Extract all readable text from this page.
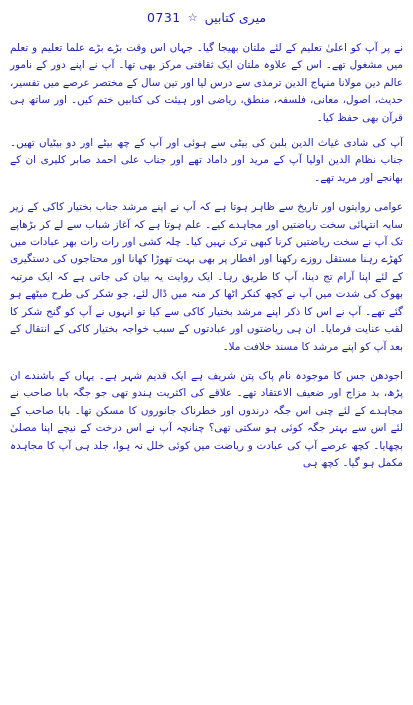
0731 ☆ میری کتابیں

نے پر آپ کو اعلیٰ تعلیم کے لئے ملتان بھیجا گیا۔ جہاں اس وقت بڑے بڑے علما تعلیم و تعلم میں مشغول تھے۔ اس کے علاوہ ملتان ایک ثقافتی مرکز بھی تھا۔ آپ نے اپنے دور کے نامور عالم دین مولانا منہاج الدین ترمذی سے درس لیا اور تین سال کے مختصر عرصے میں تفسیر، حدیث، اصول، معانی، فلسفہ، منطق، ریاضی اور ہیئت کی کتابیں ختم کیں۔ اور ساتھ ہی قرآن بھی حفظ کیا۔

آپ کی شادی غیاث الدین بلبن کی بیٹی سے ہوئی اور آپ کے چھ بیٹے اور دو بیٹیاں تھیں۔ جناب نظام الدین اولیا آپ کے مرید اور داماد تھے اور جناب علی احمد صابر کلیری ان کے بھانجے اور مرید تھے۔

عوامی روایتوں اور تاریخ سے ظاہر ہوتا ہے کہ آپ نے اپنے مرشد جناب بختیار کاکی کے زیر سایہ انتہائی سخت ریاضتیں اور مجاہدے کیے۔ علم ہوتا ہے کہ آغاز شباب سے لے کر بڑھاپے تک آپ نے سخت ریاضتیں کرنا کبھی ترک نہیں کیا۔ چلہ کشی اور رات رات بھر عبادات میں کھڑے رہنا مستقل روزے رکھنا اور افطار پر بھی بہت تھوڑا کھانا اور محتاجوں کی دستگیری کے لئے اپنا آرام تج دینا، آپ کا طریق رہا۔ ایک روایت یہ بیان کی جاتی ہے کہ ایک مرتبہ بھوک کی شدت میں آپ نے کچھ کنکر اٹھا کر منہ میں ڈال لئے، جو شکر کی طرح میٹھے ہو گئے تھے۔ آپ نے اس کا ذکر اپنے مرشد بختیار کاکی سے کیا تو انہوں نے آپ کو گنج شکر کا لقب عنایت فرمایا۔ ان ہی ریاضتوں اور عبادتوں کے سبب خواجہ بختیار کاکی کے انتقال کے بعد آپ کو اپنے مرشد کا مسند خلافت ملا۔

اجودھن جس کا موجودہ نام پاک پتن شریف ہے ایک قدیم شہر ہے۔ یہاں کے باشندے ان پڑھ، بد مزاج اور ضعیف الاعتقاد تھے۔ علاقے کی اکثریت ہندو تھی جو جگہ بابا صاحب نے مجاہدے کے لئے چنی اس جگہ درندوں اور خطرناک جانوروں کا مسکن تھا۔ بابا صاحب کے لئے اس سے بہتر جگہ کوئی ہو سکتی تھی؟ چنانچہ آپ نے اس درخت کے نیچے اپنا مصلیٰ بچھایا۔ کچھ عرصے آپ کی عبادت و ریاضت میں کوئی خلل نہ ہوا، جلد ہی آپ کا مجاہدہ مکمل ہو گیا۔ کچھ ہی
